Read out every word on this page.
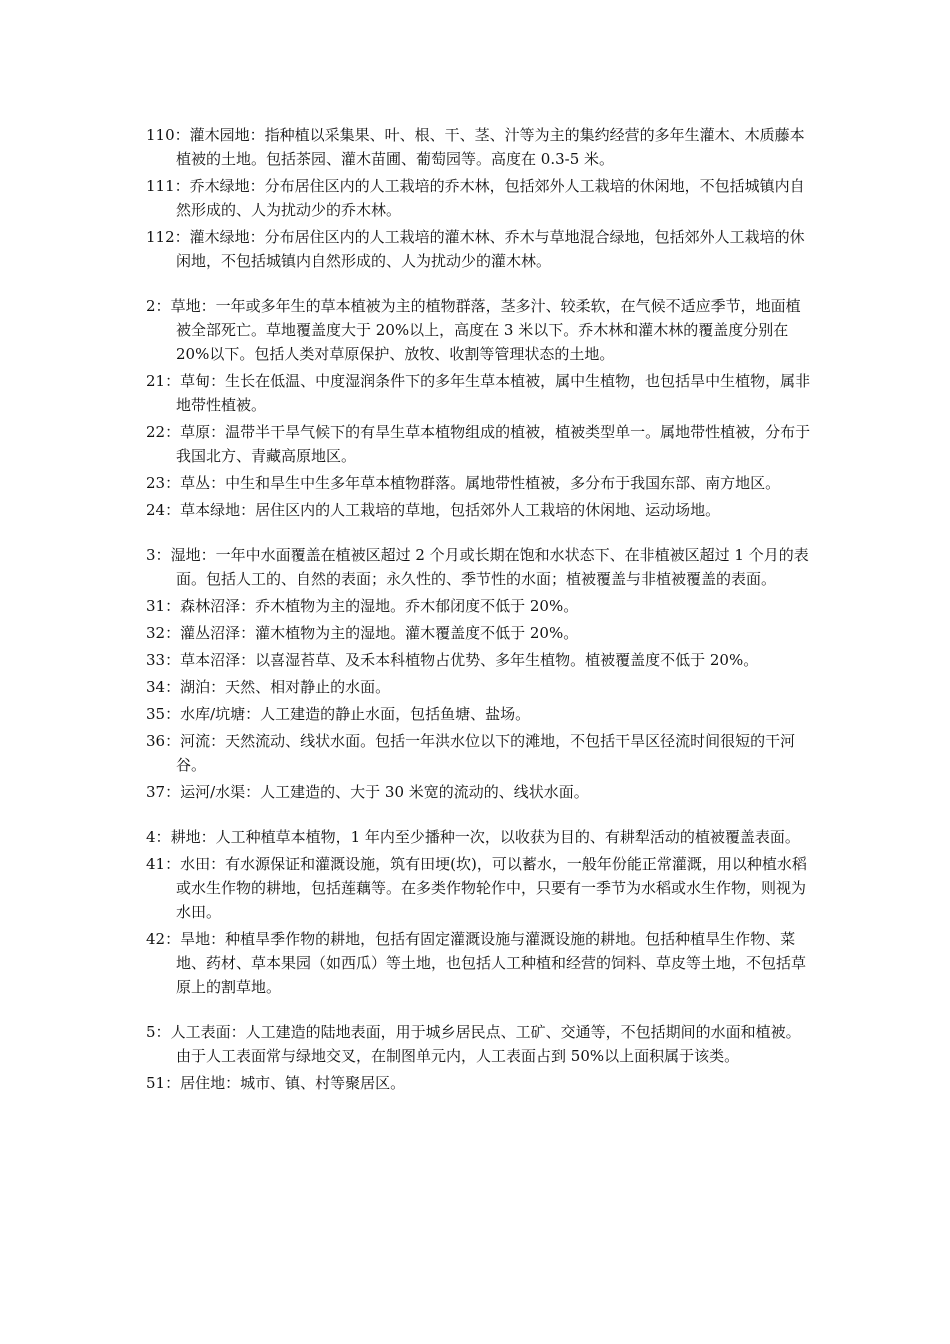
110：灌木园地：指种植以采集果、叶、根、干、茎、汁等为主的集约经营的多年生灌木、木质藤本植被的土地。包括茶园、灌木苗圃、葡萄园等。高度在 0.3-5 米。
111：乔木绿地：分布居住区内的人工栽培的乔木林，包括郊外人工栽培的休闲地，不包括城镇内自然形成的、人为扰动少的乔木林。
112：灌木绿地：分布居住区内的人工栽培的灌木林、乔木与草地混合绿地，包括郊外人工栽培的休闲地，不包括城镇内自然形成的、人为扰动少的灌木林。
2：草地：一年或多年生的草本植被为主的植物群落，茎多汁、较柔软，在气候不适应季节，地面植被全部死亡。草地覆盖度大于 20%以上，高度在 3 米以下。乔木林和灌木林的覆盖度分别在 20%以下。包括人类对草原保护、放牧、收割等管理状态的土地。
21：草甸：生长在低温、中度湿润条件下的多年生草本植被，属中生植物，也包括旱中生植物，属非地带性植被。
22：草原：温带半干旱气候下的有旱生草本植物组成的植被，植被类型单一。属地带性植被，分布于我国北方、青藏高原地区。
23：草丛：中生和旱生中生多年草本植物群落。属地带性植被，多分布于我国东部、南方地区。
24：草本绿地：居住区内的人工栽培的草地，包括郊外人工栽培的休闲地、运动场地。
3：湿地：一年中水面覆盖在植被区超过 2 个月或长期在饱和水状态下、在非植被区超过 1 个月的表面。包括人工的、自然的表面；永久性的、季节性的水面；植被覆盖与非植被覆盖的表面。
31：森林沼泽：乔木植物为主的湿地。乔木郁闭度不低于 20%。
32：灌丛沼泽：灌木植物为主的湿地。灌木覆盖度不低于 20%。
33：草本沼泽：以喜湿苔草、及禾本科植物占优势、多年生植物。植被覆盖度不低于 20%。
34：湖泊：天然、相对静止的水面。
35：水库/坑塘：人工建造的静止水面，包括鱼塘、盐场。
36：河流：天然流动、线状水面。包括一年洪水位以下的滩地，不包括干旱区径流时间很短的干河谷。
37：运河/水渠：人工建造的、大于 30 米宽的流动的、线状水面。
4：耕地：人工种植草本植物，1 年内至少播种一次，以收获为目的、有耕犁活动的植被覆盖表面。
41：水田：有水源保证和灌溉设施，筑有田埂(坎)，可以蓄水，一般年份能正常灌溉，用以种植水稻或水生作物的耕地，包括莲藕等。在多类作物轮作中，只要有一季节为水稻或水生作物，则视为水田。
42：旱地：种植旱季作物的耕地，包括有固定灌溉设施与灌溉设施的耕地。包括种植旱生作物、菜地、药材、草本果园（如西瓜）等土地，也包括人工种植和经营的饲料、草皮等土地，不包括草原上的割草地。
5：人工表面：人工建造的陆地表面，用于城乡居民点、工矿、交通等，不包括期间的水面和植被。由于人工表面常与绿地交叉，在制图单元内，人工表面占到 50%以上面积属于该类。
51：居住地：城市、镇、村等聚居区。
